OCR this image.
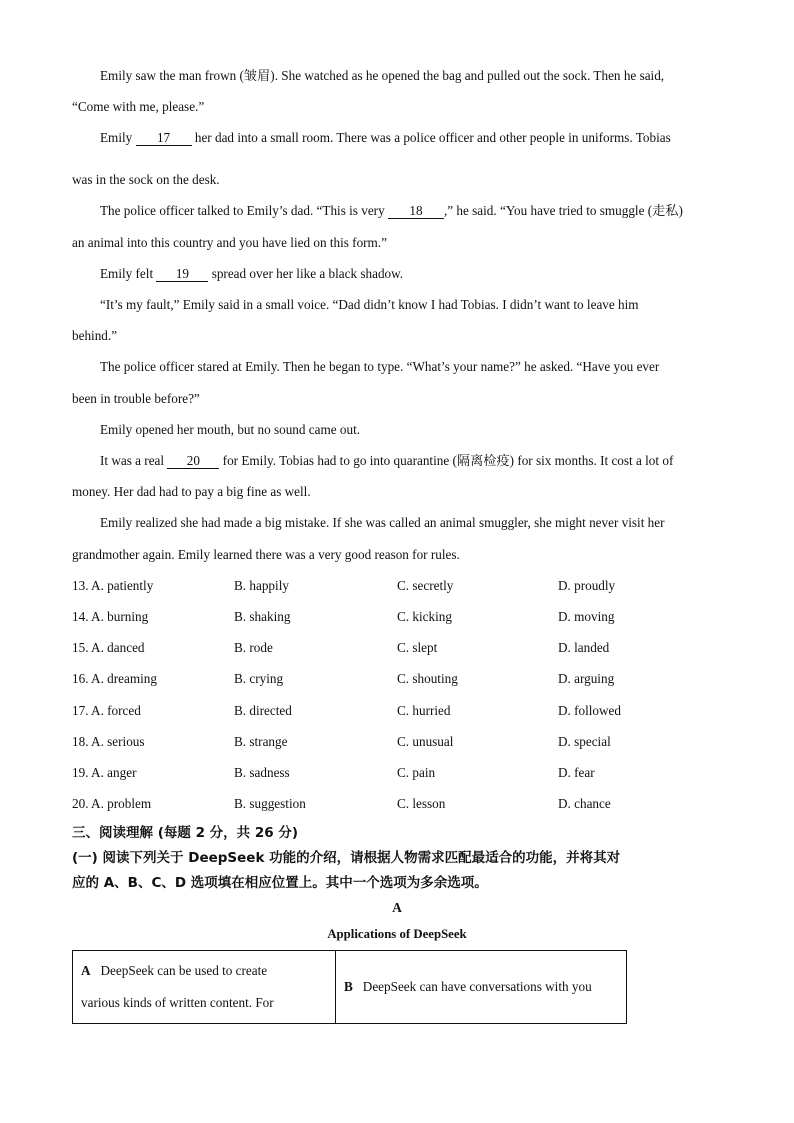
Emily saw the man frown (皱眉). She watched as he opened the bag and pulled out the sock. Then he said,
“Come with me, please.”
Emily 17 her dad into a small room. There was a police officer and other people in uniforms. Tobias
was in the sock on the desk.
The police officer talked to Emily’s dad. “This is very 18 ,” he said. “You have tried to smuggle (走私)
an animal into this country and you have lied on this form.”
Emily felt 19 spread over her like a black shadow.
“It’s my fault,” Emily said in a small voice. “Dad didn’t know I had Tobias. I didn’t want to leave him
behind.”
The police officer stared at Emily. Then he began to type. “What’s your name?” he asked. “Have you ever
been in trouble before?”
Emily opened her mouth, but no sound came out.
It was a real 20 for Emily. Tobias had to go into quarantine (隔离检疫) for six months. It cost a lot of
money. Her dad had to pay a big fine as well.
Emily realized she had made a big mistake. If she was called an animal smuggler, she might never visit her
grandmother again. Emily learned there was a very good reason for rules.
13. A. patiently	B. happily	C. secretly	D. proudly
14. A. burning	B. shaking	C. kicking	D. moving
15. A. danced	B. rode	C. slept	D. landed
16. A. dreaming	B. crying	C. shouting	D. arguing
17. A. forced	B. directed	C. hurried	D. followed
18. A. serious	B. strange	C. unusual	D. special
19. A. anger	B. sadness	C. pain	D. fear
20. A. problem	B. suggestion	C. lesson	D. chance
三、阅读理解 (每题 2 分，共 26 分)
(一) 阅读下列关于 DeepSeek 功能的介绍，请根据人物需求匹配最适合的功能，并将其对
应的 A、B、C、D 选项填在相应位置上。其中一个选项为多余选项。
A
Applications of DeepSeek
A DeepSeek can be used to create
various kinds of written content. For
	B DeepSeek can have conversations with you
